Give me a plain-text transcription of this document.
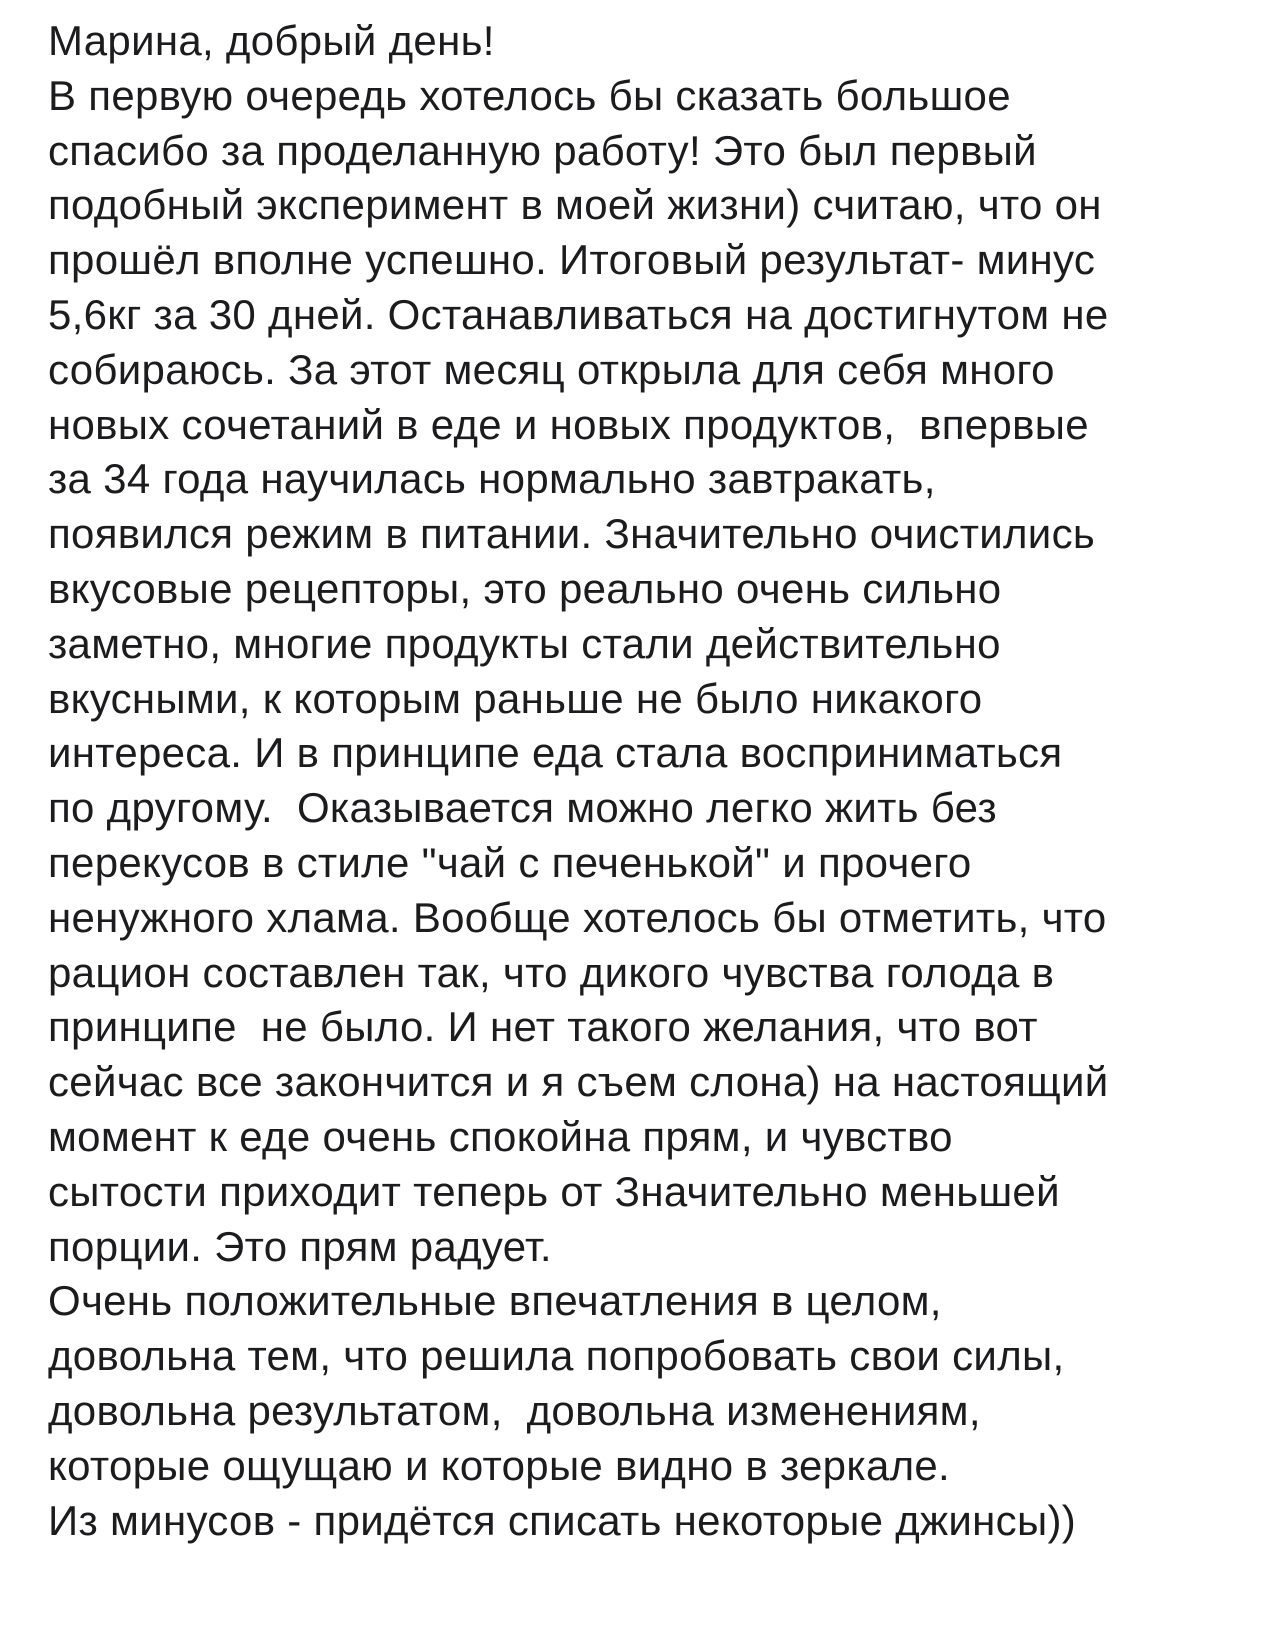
Марина, добрый день!
В первую очередь хотелось бы сказать большое
спасибо за проделанную работу! Это был первый
подобный эксперимент в моей жизни) считаю, что он
прошёл вполне успешно. Итоговый результат- минус
5,6кг за 30 дней. Останавливаться на достигнутом не
собираюсь. За этот месяц открыла для себя много
новых сочетаний в еде и новых продуктов,  впервые
за 34 года научилась нормально завтракать,
появился режим в питании. Значительно очистились
вкусовые рецепторы, это реально очень сильно
заметно, многие продукты стали действительно
вкусными, к которым раньше не было никакого
интереса. И в принципе еда стала восприниматься
по другому.  Оказывается можно легко жить без
перекусов в стиле "чай с печенькой" и прочего
ненужного хлама. Вообще хотелось бы отметить, что
рацион составлен так, что дикого чувства голода в
принципе  не было. И нет такого желания, что вот
сейчас все закончится и я съем слона) на настоящий
момент к еде очень спокойна прям, и чувство
сытости приходит теперь от Значительно меньшей
порции. Это прям радует.
Очень положительные впечатления в целом,
довольна тем, что решила попробовать свои силы,
довольна результатом,  довольна изменениям,
которые ощущаю и которые видно в зеркале.
Из минусов - придётся списать некоторые джинсы))
